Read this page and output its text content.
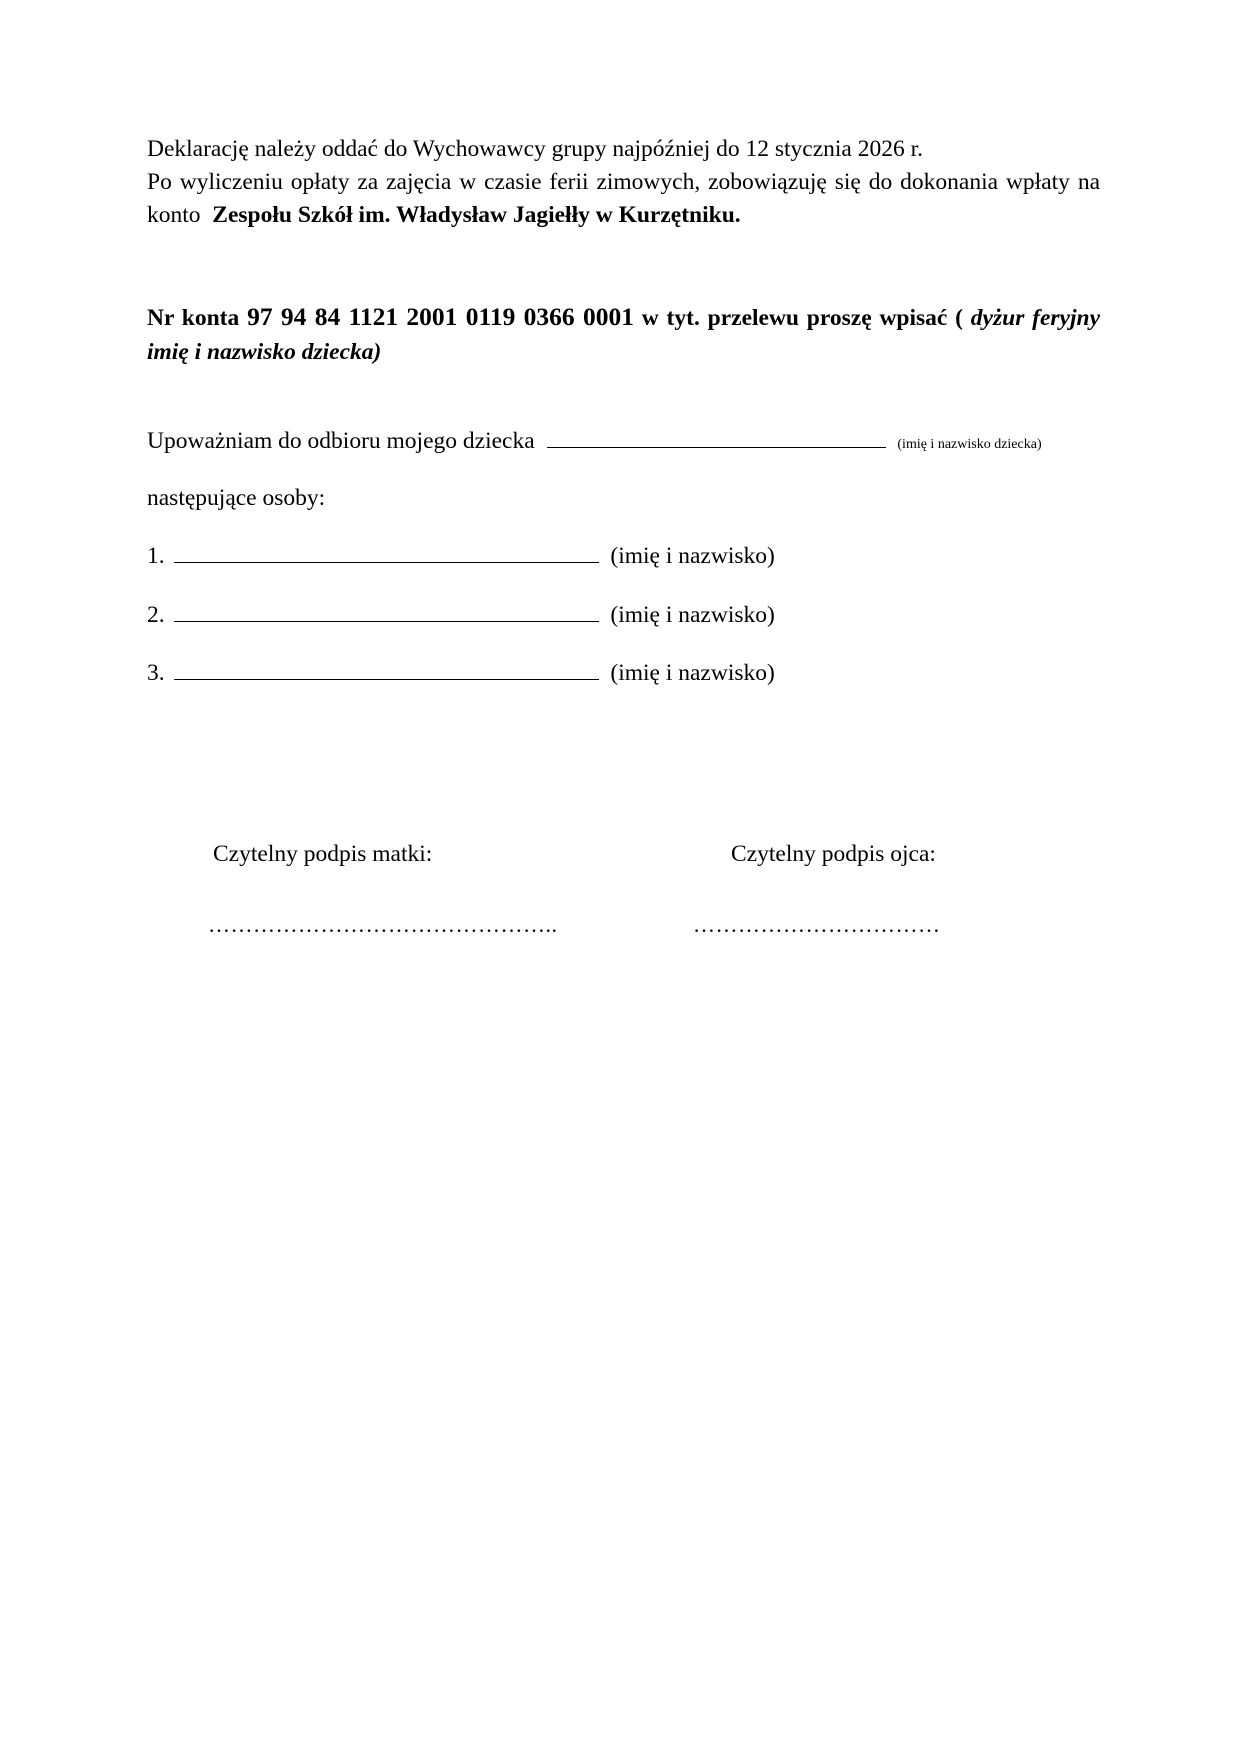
Deklarację należy oddać do Wychowawcy grupy najpóźniej do 12 stycznia 2026 r.
Po wyliczeniu opłaty za zajęcia w czasie ferii zimowych, zobowiązuję się do dokonania wpłaty na konto Zespołu Szkół im. Władysław Jagiełły w Kurzętniku.
Nr konta 97 94 84 1121 2001 0119 0366 0001 w tyt. przelewu proszę wpisać ( dyżur feryjny imię i nazwisko dziecka)
Upoważniam do odbioru mojego dziecka	(imię i nazwisko dziecka)
następujące osoby:
1.	(imię i nazwisko)
2.	(imię i nazwisko)
3.	(imię i nazwisko)
Czytelny podpis matki:	Czytelny podpis ojca:
………………………………………..	……………………………
